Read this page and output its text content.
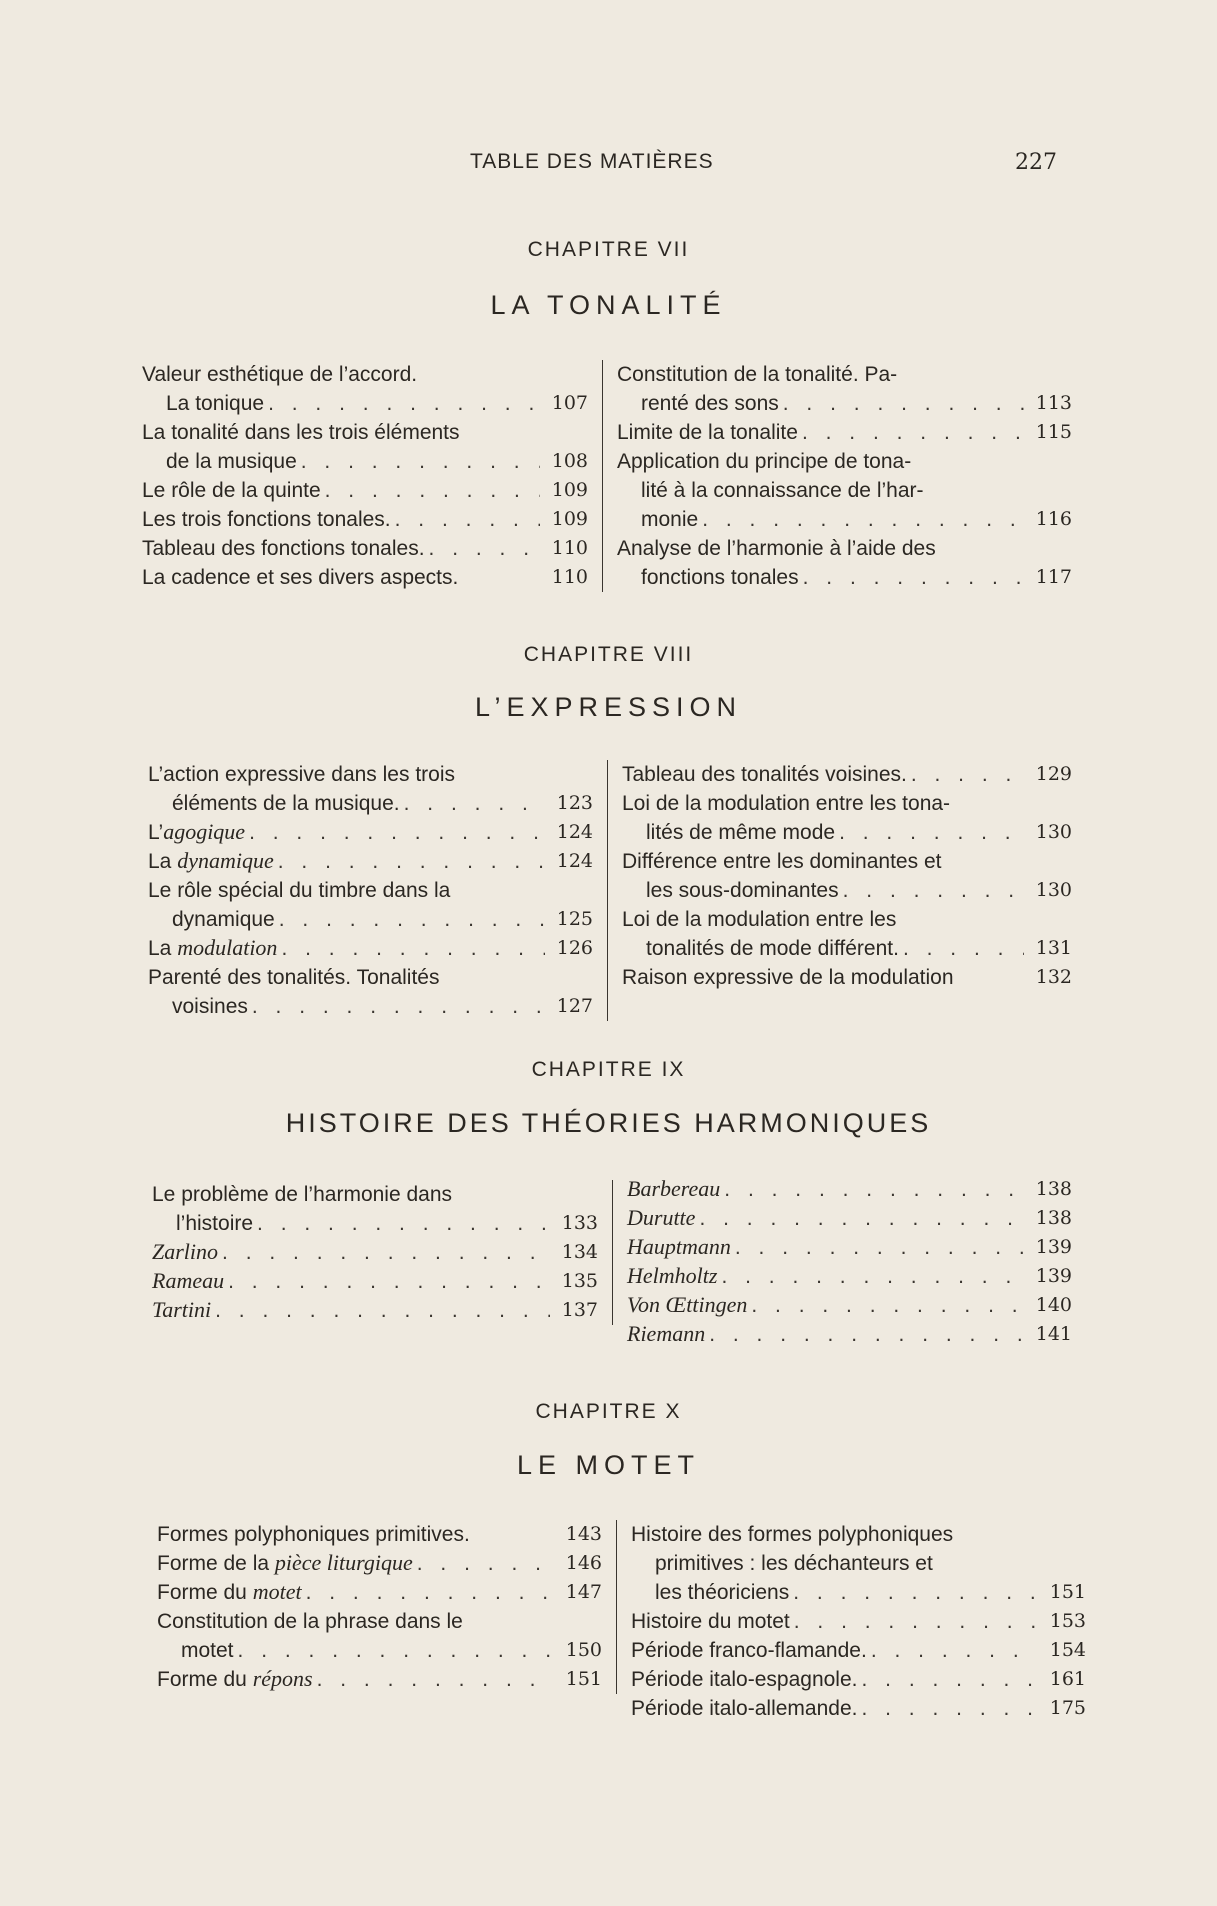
TABLE DES MATIÈRES	227
CHAPITRE VII
LA TONALITÉ
Valeur esthétique de l’accord.
La tonique . . .	107
La tonalité dans les trois éléments
de la musique . . .	108
Le rôle de la quinte . . .	109
Les trois fonctions tonales. . . .	109
Tableau des fonctions tonales. . . .	110
La cadence et ses divers aspects.	110
Constitution de la tonalité. Pa-
renté des sons . . .	113
Limite de la tonalite . . .	115
Application du principe de tona-
lité à la connaissance de l’har-
monie . . .	116
Analyse de l’harmonie à l’aide des
fonctions tonales . . .	117
CHAPITRE VIII
L’EXPRESSION
L’action expressive dans les trois
éléments de la musique. . . .	123
L’agogique . . .	124
La dynamique . . .	124
Le rôle spécial du timbre dans la
dynamique . . .	125
La modulation . . .	126
Parenté des tonalités. Tonalités
voisines . . .	127
Tableau des tonalités voisines. . . .	129
Loi de la modulation entre les tona-
lités de même mode . . .	130
Différence entre les dominantes et
les sous-dominantes . . .	130
Loi de la modulation entre les
tonalités de mode différent. . . .	131
Raison expressive de la modulation	132
CHAPITRE IX
HISTOIRE DES THÉORIES HARMONIQUES
Le problème de l’harmonie dans
l’histoire . . .	133
Zarlino . . .	134
Rameau . . .	135
Tartini . . .	137
Barbereau . . .	138
Durutte . . .	138
Hauptmann . . .	139
Helmholtz . . .	139
Von Œttingen . . .	140
Riemann . . .	141
CHAPITRE X
LE MOTET
Formes polyphoniques primitives.	143
Forme de la pièce liturgique . . .	146
Forme du motet . . .	147
Constitution de la phrase dans le
motet . . .	150
Forme du répons . . .	151
Histoire des formes polyphoniques
primitives : les déchanteurs et
les théoriciens . . .	151
Histoire du motet . . .	153
Période franco-flamande. . . .	154
Période italo-espagnole. . . .	161
Période italo-allemande. . . .	175
